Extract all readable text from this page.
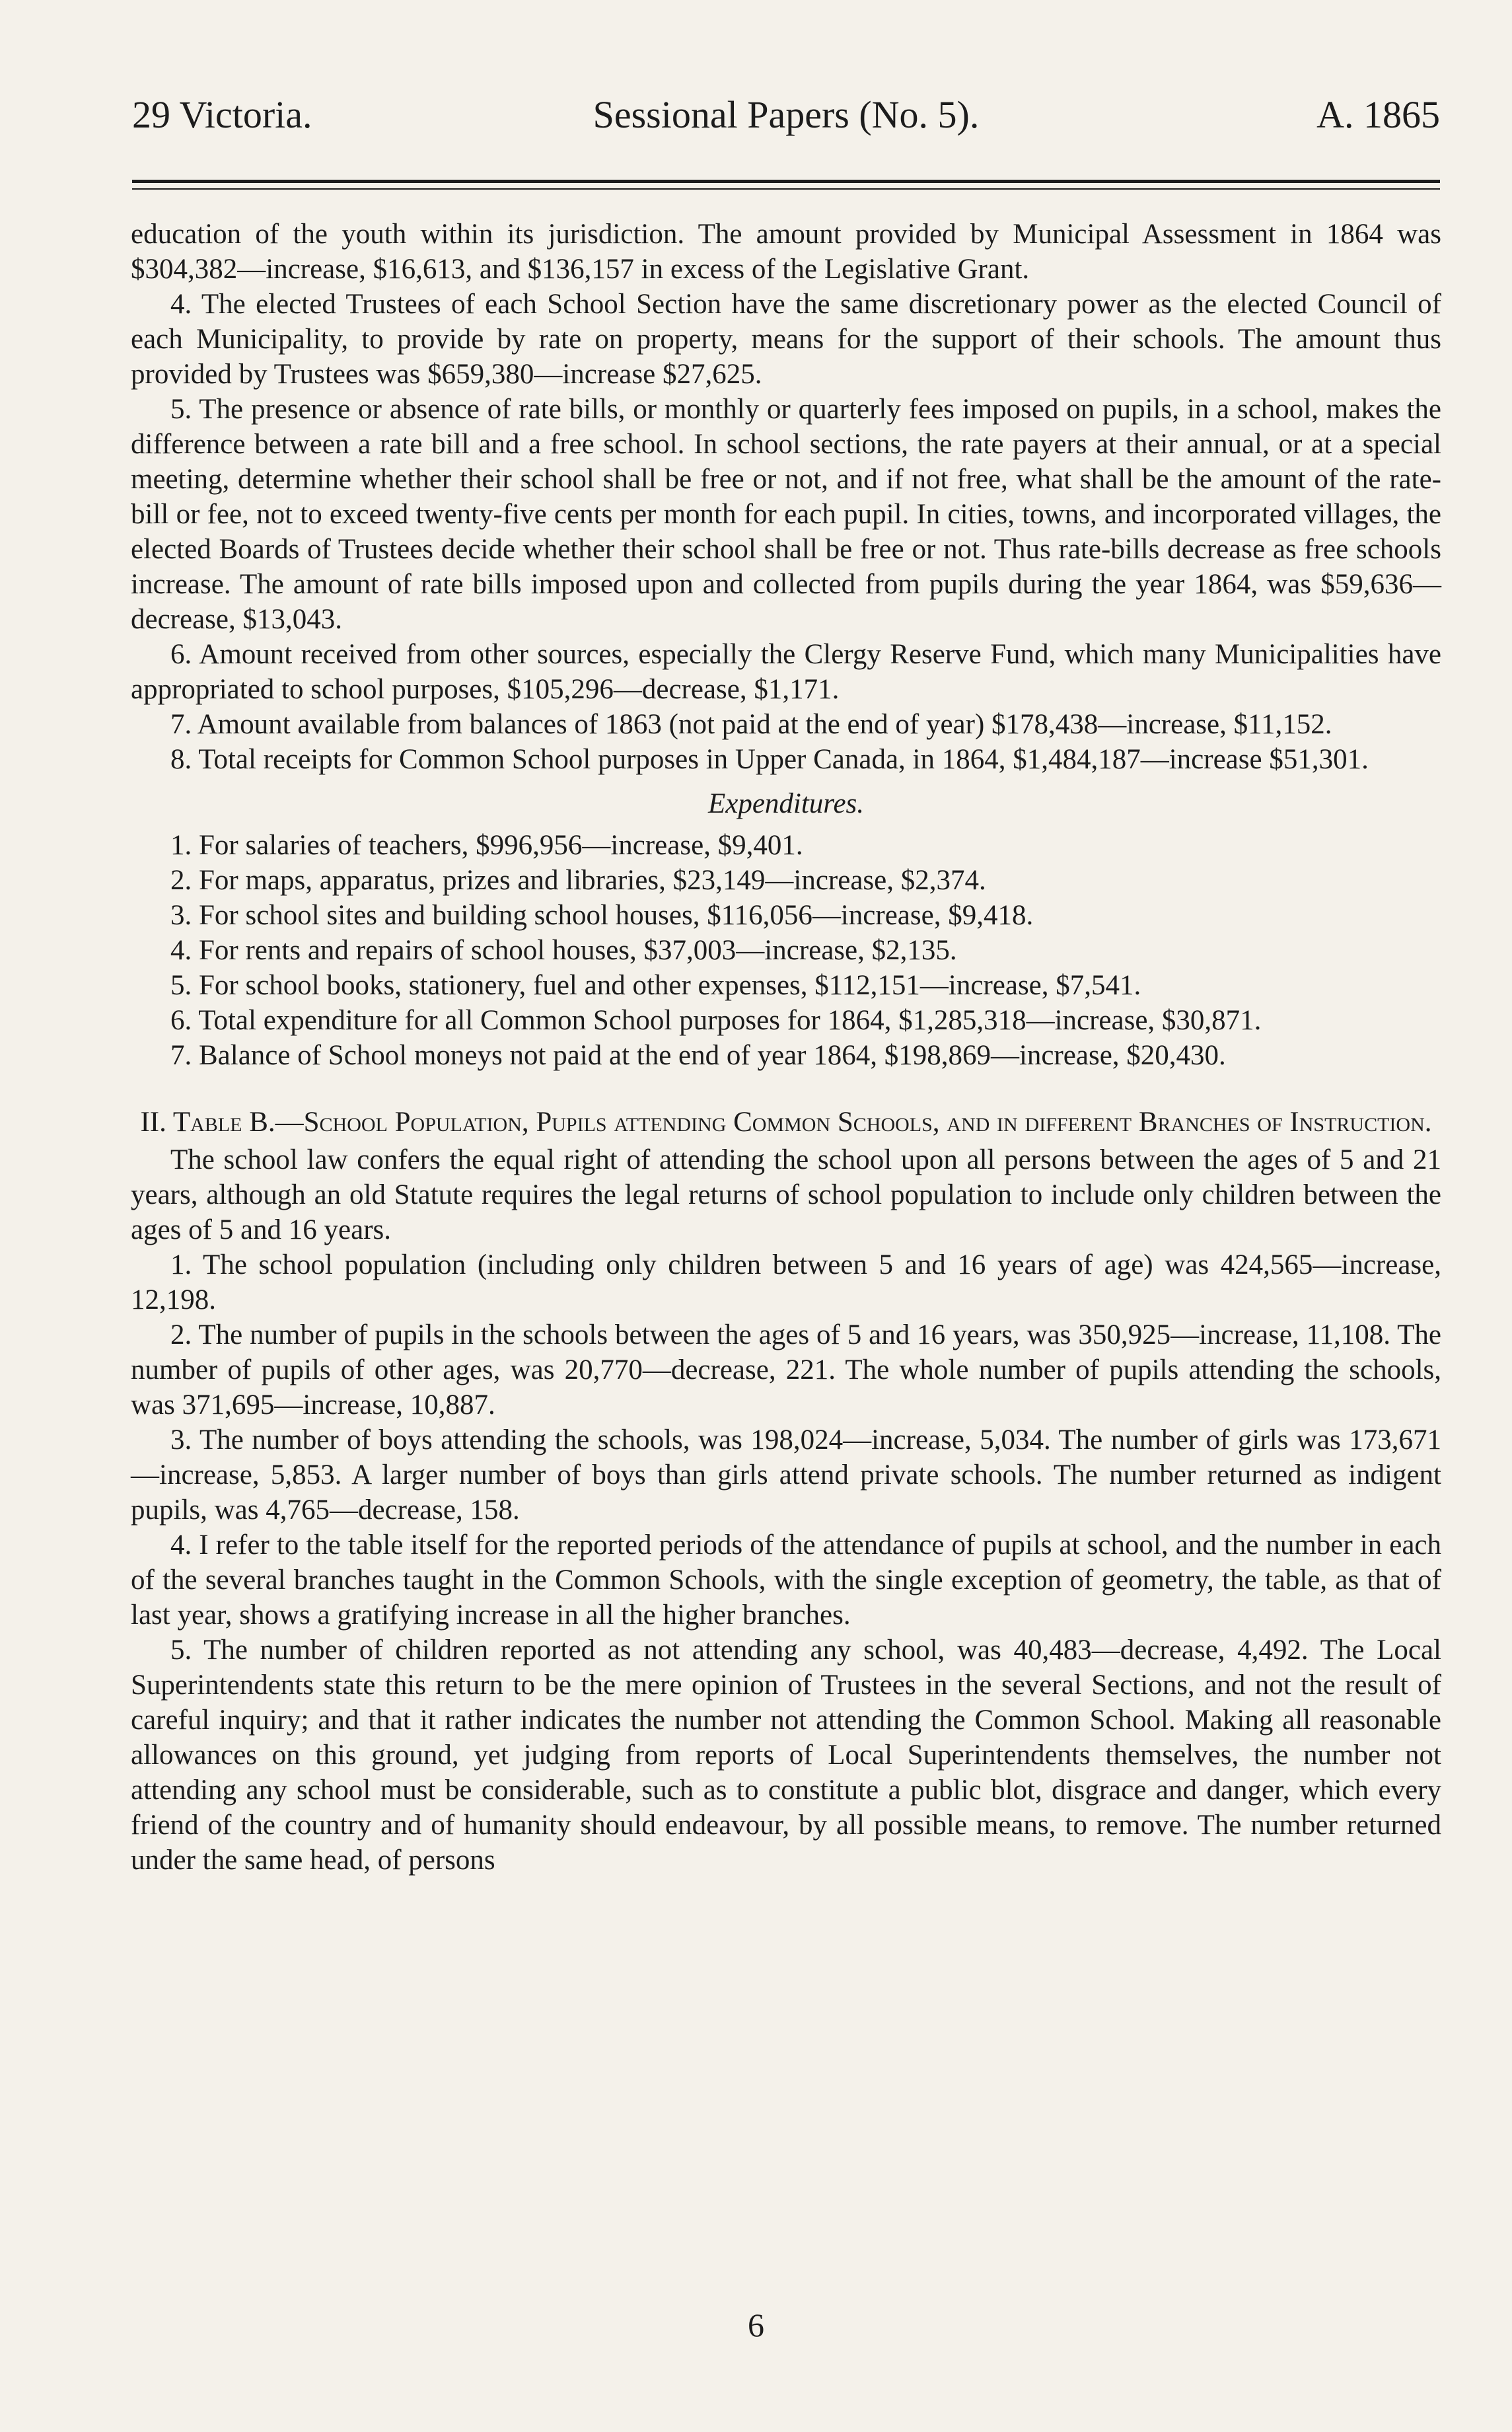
29 Victoria.	Sessional Papers (No. 5).	A. 1865

education of the youth within its jurisdiction. The amount provided by Municipal Assessment in 1864 was $304,382—increase, $16,613, and $136,157 in excess of the Legislative Grant.

4. The elected Trustees of each School Section have the same discretionary power as the elected Council of each Municipality, to provide by rate on property, means for the support of their schools. The amount thus provided by Trustees was $659,380—increase $27,625.

5. The presence or absence of rate bills, or monthly or quarterly fees imposed on pupils, in a school, makes the difference between a rate bill and a free school. In school sections, the rate payers at their annual, or at a special meeting, determine whether their school shall be free or not, and if not free, what shall be the amount of the rate-bill or fee, not to exceed twenty-five cents per month for each pupil. In cities, towns, and incorporated villages, the elected Boards of Trustees decide whether their school shall be free or not. Thus rate-bills decrease as free schools increase. The amount of rate bills imposed upon and collected from pupils during the year 1864, was $59,636—decrease, $13,043.

6. Amount received from other sources, especially the Clergy Reserve Fund, which many Municipalities have appropriated to school purposes, $105,296—decrease, $1,171.

7. Amount available from balances of 1863 (not paid at the end of year) $178,438—increase, $11,152.

8. Total receipts for Common School purposes in Upper Canada, in 1864, $1,484,187—increase $51,301.

Expenditures.

1. For salaries of teachers, $996,956—increase, $9,401.

2. For maps, apparatus, prizes and libraries, $23,149—increase, $2,374.

3. For school sites and building school houses, $116,056—increase, $9,418.

4. For rents and repairs of school houses, $37,003—increase, $2,135.

5. For school books, stationery, fuel and other expenses, $112,151—increase, $7,541.

6. Total expenditure for all Common School purposes for 1864, $1,285,318—increase, $30,871.

7. Balance of School moneys not paid at the end of year 1864, $198,869—increase, $20,430.

II. Table B.—School Population, Pupils attending Common Schools, and in different Branches of Instruction.

The school law confers the equal right of attending the school upon all persons between the ages of 5 and 21 years, although an old Statute requires the legal returns of school population to include only children between the ages of 5 and 16 years.

1. The school population (including only children between 5 and 16 years of age) was 424,565—increase, 12,198.

2. The number of pupils in the schools between the ages of 5 and 16 years, was 350,925—increase, 11,108. The number of pupils of other ages, was 20,770—decrease, 221. The whole number of pupils attending the schools, was 371,695—increase, 10,887.

3. The number of boys attending the schools, was 198,024—increase, 5,034. The number of girls was 173,671—increase, 5,853. A larger number of boys than girls attend private schools. The number returned as indigent pupils, was 4,765—decrease, 158.

4. I refer to the table itself for the reported periods of the attendance of pupils at school, and the number in each of the several branches taught in the Common Schools, with the single exception of geometry, the table, as that of last year, shows a gratifying increase in all the higher branches.

5. The number of children reported as not attending any school, was 40,483—decrease, 4,492. The Local Superintendents state this return to be the mere opinion of Trustees in the several Sections, and not the result of careful inquiry; and that it rather indicates the number not attending the Common School. Making all reasonable allowances on this ground, yet judging from reports of Local Superintendents themselves, the number not attending any school must be considerable, such as to constitute a public blot, disgrace and danger, which every friend of the country and of humanity should endeavour, by all possible means, to remove. The number returned under the same head, of persons

6
